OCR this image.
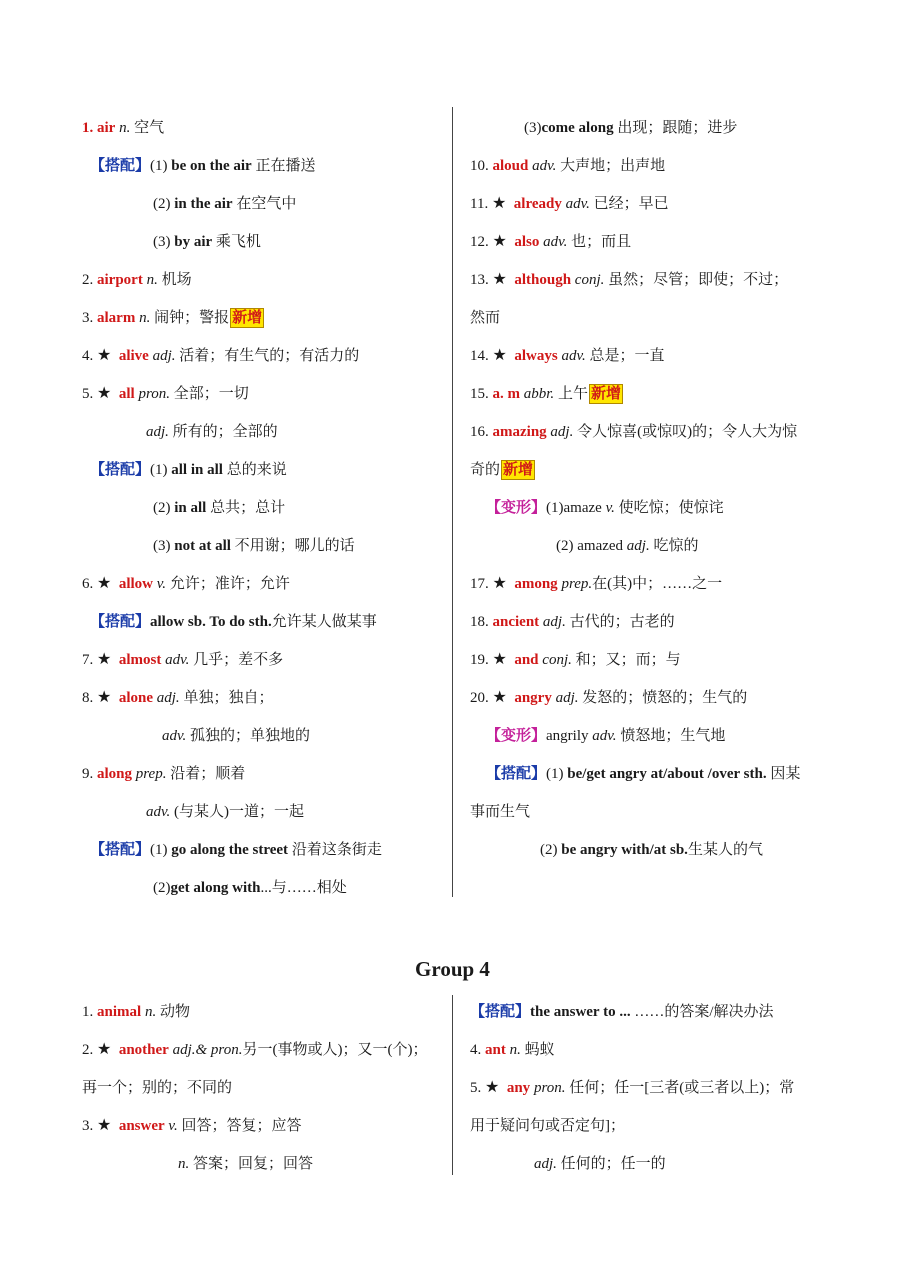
1. air n. 空气
【搭配】(1) be on the air 正在播送
(2) in the air 在空气中
(3) by air 乘飞机
2. airport n. 机场
3. alarm n. 闹钟；警报 新增
4. ★ alive adj. 活着；有生气的；有活力的
5. ★ all pron. 全部；一切
adj. 所有的；全部的
【搭配】(1) all in all 总的来说
(2) in all 总共；总计
(3) not at all 不用谢；哪儿的话
6. ★ allow v. 允许；准许；允许
【搭配】allow sb. To do sth.允许某人做某事
7. ★ almost adv. 几乎；差不多
8. ★ alone adj. 单独；独自；
adv. 孤独的；单独地的
9. along prep. 沿着；顺着
adv. (与某人)一道；一起
【搭配】(1) go along the street 沿着这条街走
(2)get along with...与……相处
(3)come along 出现；跟随；进步
10. aloud adv. 大声地；出声地
11. ★ already adv. 已经；早已
12. ★ also adv. 也；而且
13. ★ although conj. 虽然；尽管；即使；不过；
然而
14. ★ always adv. 总是；一直
15. a. m abbr. 上午 新增
16. amazing adj. 令人惊喜(或惊叹)的；令人大为惊
奇的 新增
【变形】(1)amaze v. 使吃惊；使惊诧
(2) amazed adj. 吃惊的
17. ★ among prep.在(其)中；……之一
18. ancient adj. 古代的；古老的
19. ★ and conj. 和；又；而；与
20. ★ angry adj. 发怒的；愤怒的；生气的
【变形】angrily adv. 愤怒地；生气地
【搭配】(1) be/get angry at/about /over sth. 因某
事而生气
(2) be angry with/at sb.生某人的气
Group 4
1. animal n. 动物
2. ★ another adj.& pron.另一(事物或人)；又一(个)；
再一个；别的；不同的
3. ★ answer v. 回答；答复；应答
n. 答案；回复；回答
【搭配】the answer to ... ……的答案/解决办法
4. ant n. 蚂蚁
5. ★ any pron. 任何；任一[三者(或三者以上)；常
用于疑问句或否定句]；
adj. 任何的；任一的
